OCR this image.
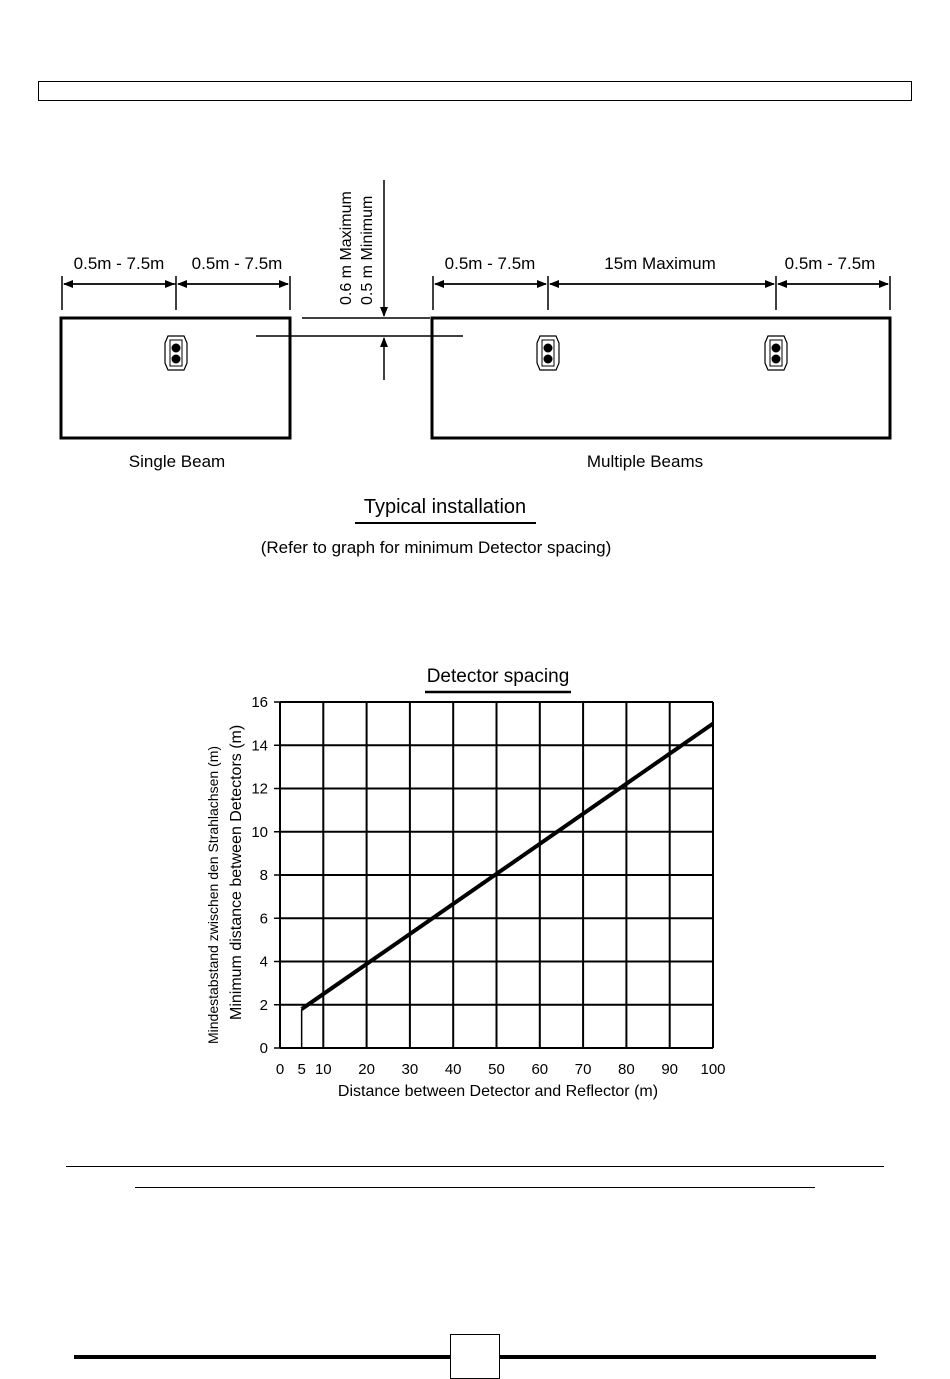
0.5m - 7.5m 0.5m - 7.5m
Single Beam
0.6 m Maximum 0.5 m Minimum	0.5m - 7.5m	15m Maximum	0.5m - 7.5m
Multiple Beams
Typical installation
(Refer to graph for minimum Detector spacing)
Detector spacing
0
2
4
6
8
10
12
14
16
0 5 10 20 30 40 50 60 70 80 90 100
Distance between Detector and Reflector (m)
Minimum distance between Detectors (m)
Mindestabstand zwischen den Strahlachsen (m)
